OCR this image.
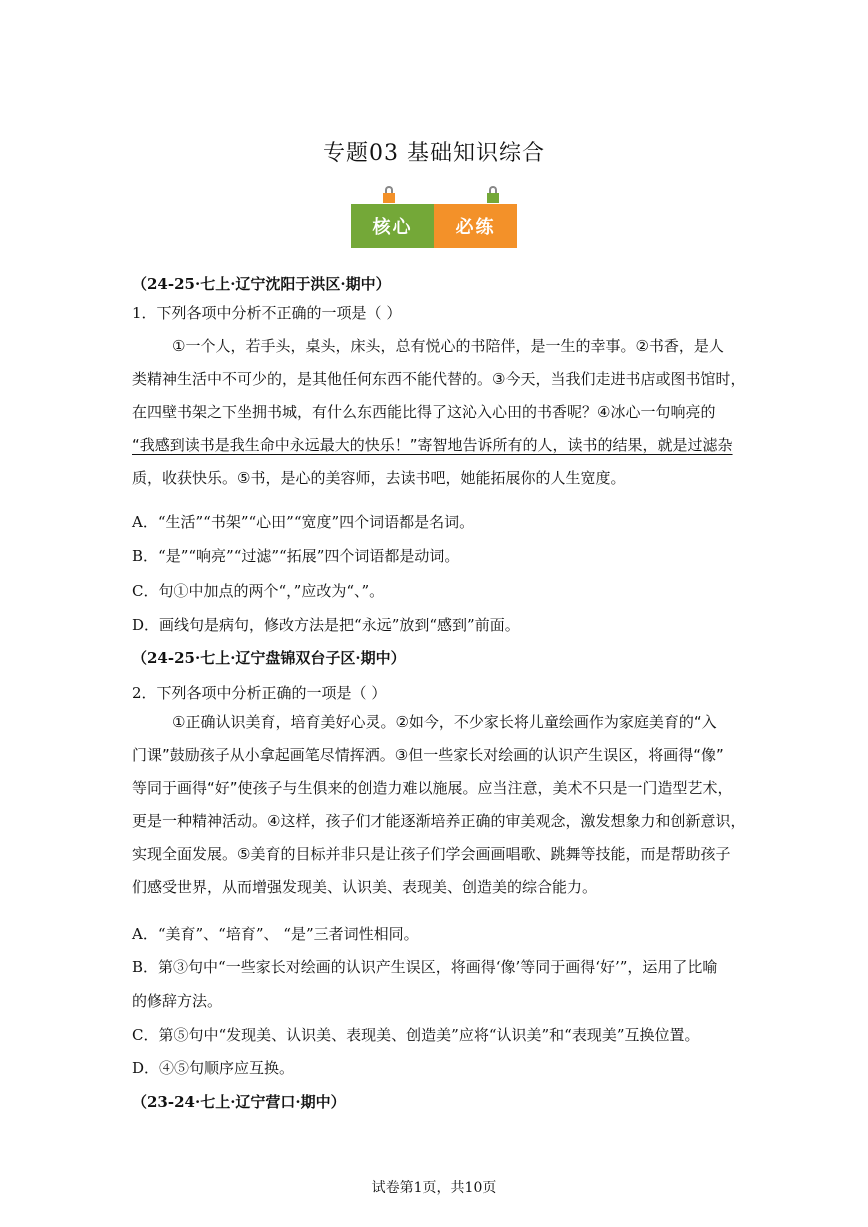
专题03 基础知识综合
核心	必练
（24-25·七上·辽宁沈阳于洪区·期中）
1．下列各项中分析不正确的一项是（ ）
①一个人，若手头，桌头，床头，总有悦心的书陪伴，是一生的幸事。②书香，是人
类精神生活中不可少的，是其他任何东西不能代替的。③今天，当我们走进书店或图书馆时，
在四壁书架之下坐拥书城，有什么东西能比得了这沁入心田的书香呢？④冰心一句响亮的
“我感到读书是我生命中永远最大的快乐！”寄智地告诉所有的人，读书的结果，就是过滤杂
质，收获快乐。⑤书，是心的美容师，去读书吧，她能拓展你的人生宽度。
A．“生活”“书架”“心田”“宽度”四个词语都是名词。
B．“是”“响亮”“过滤”“拓展”四个词语都是动词。
C．句①中加点的两个“，”应改为“、”。
D．画线句是病句，修改方法是把“永远”放到“感到”前面。
（24-25·七上·辽宁盘锦双台子区·期中）
2．下列各项中分析正确的一项是（ ）
①正确认识美育，培育美好心灵。②如今，不少家长将儿童绘画作为家庭美育的“入
门课”鼓励孩子从小拿起画笔尽情挥洒。③但一些家长对绘画的认识产生误区，将画得“像”
等同于画得“好”使孩子与生俱来的创造力难以施展。应当注意，美术不只是一门造型艺术，
更是一种精神活动。④这样，孩子们才能逐渐培养正确的审美观念，激发想象力和创新意识，
实现全面发展。⑤美育的目标并非只是让孩子们学会画画唱歌、跳舞等技能，而是帮助孩子
们感受世界，从而增强发现美、认识美、表现美、创造美的综合能力。
A．“美育”、“培育”、 “是”三者词性相同。
B．第③句中“一些家长对绘画的认识产生误区，将画得‘像’等同于画得‘好’”，运用了比喻
的修辞方法。
C．第⑤句中“发现美、认识美、表现美、创造美”应将“认识美”和“表现美”互换位置。
D．④⑤句顺序应互换。
（23-24·七上·辽宁营口·期中）
试卷第1页，共10页
